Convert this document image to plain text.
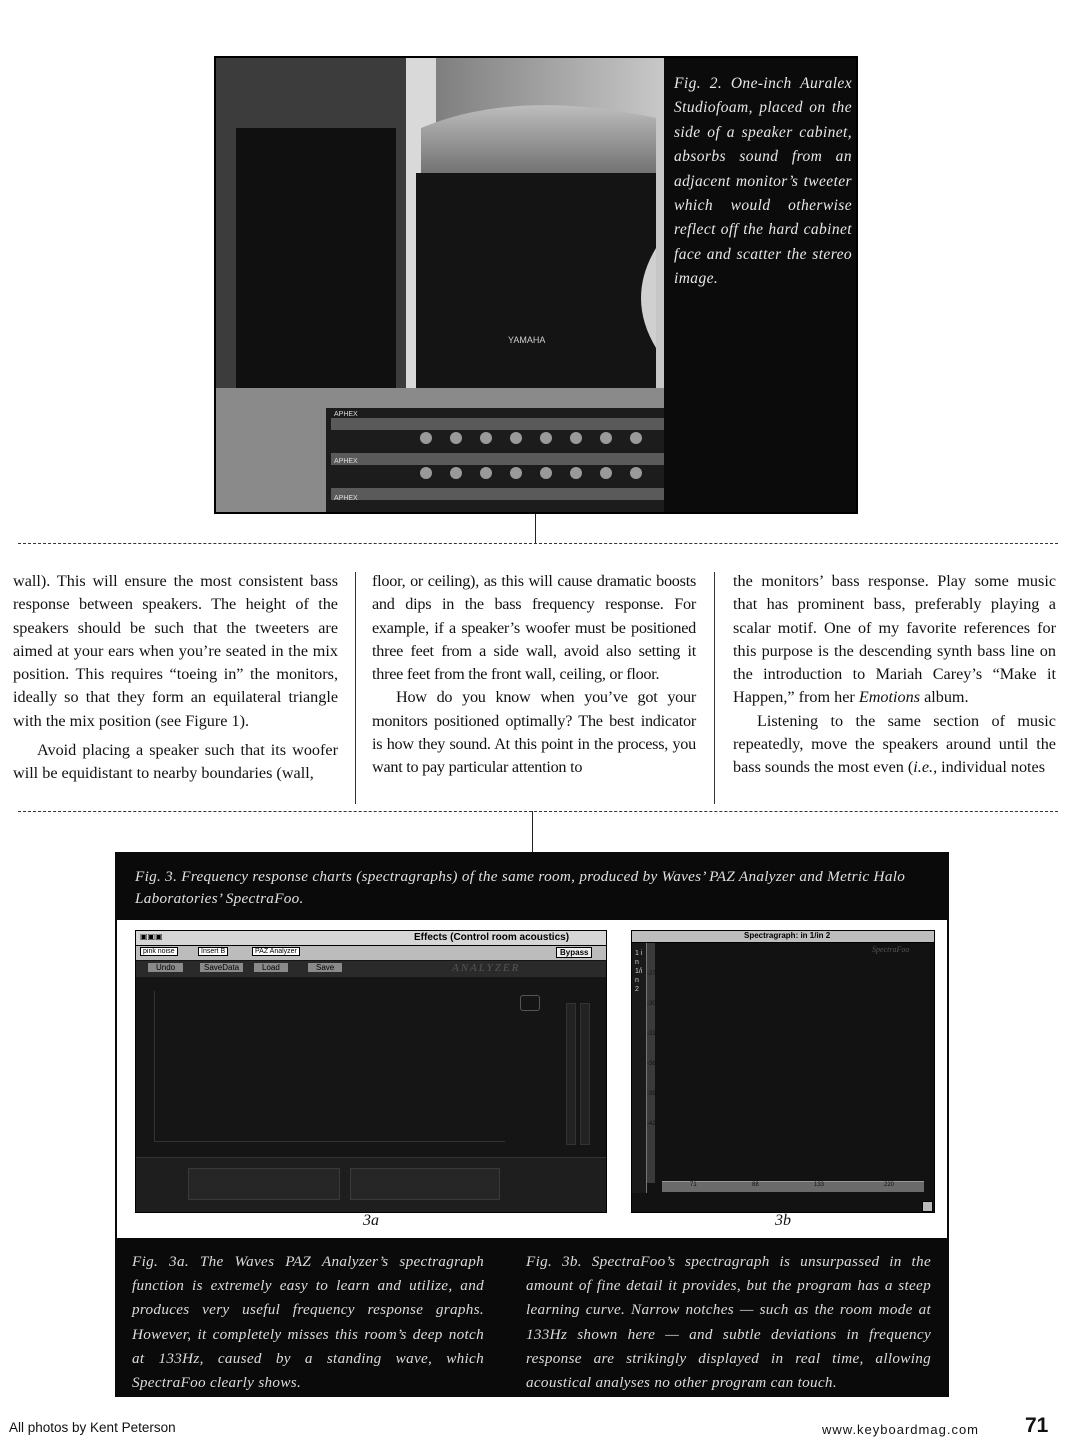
YAMAHA
APHEX
APHEX
APHEX
Fig. 2. One-inch Auralex Studiofoam, placed on the side of a speaker cabinet, absorbs sound from an adjacent monitor’s tweeter which would otherwise reflect off the hard cabinet face and scatter the stereo image.

wall). This will ensure the most consistent bass response between speakers. The height of the speakers should be such that the tweeters are aimed at your ears when you’re seated in the mix position. This requires “toeing in” the monitors, ideally so that they form an equilateral triangle with the mix position (see Figure 1).

Avoid placing a speaker such that its woofer will be equidistant to nearby boundaries (wall,

floor, or ceiling), as this will cause dramatic boosts and dips in the bass frequency response. For example, if a speaker’s woofer must be positioned three feet from a side wall, avoid also setting it three feet from the front wall, ceiling, or floor.

How do you know when you’ve got your monitors positioned optimally? The best indicator is how they sound. At this point in the process, you want to pay particular attention to

the monitors’ bass response. Play some music that has prominent bass, preferably playing a scalar motif. One of my favorite references for this purpose is the descending synth bass line on the introduction to Mariah Carey’s “Make it Happen,” from her Emotions album.

Listening to the same section of music repeatedly, move the speakers around until the bass sounds the most even (i.e., individual notes

Fig. 3. Frequency response charts (spectragraphs) of the same room, produced by Waves’ PAZ Analyzer and Metric Halo Laboratories’ SpectraFoo.
▣▣▣	Effects (Control room acoustics)
pink noise	Insert B	PAZ Analyzer	Bypass
Undo	SaveData	Load	Save	ANALYZER
3a
Spectragraph: in 1/in 2
1 in 1/in 2
-27
-30
-33
-36
-39
-42
SpectraFoo
71	88	133	220
3b
Fig. 3a. The Waves PAZ Analyzer’s spectragraph function is extremely easy to learn and utilize, and produces very useful frequency response graphs. However, it completely misses this room’s deep notch at 133Hz, caused by a standing wave, which SpectraFoo clearly shows.
Fig. 3b. SpectraFoo’s spectragraph is unsurpassed in the amount of fine detail it provides, but the program has a steep learning curve. Narrow notches — such as the room mode at 133Hz shown here — and subtle deviations in frequency response are strikingly displayed in real time, allowing acoustical analyses no other program can touch.
All photos by Kent Peterson	www.keyboardmag.com 71
